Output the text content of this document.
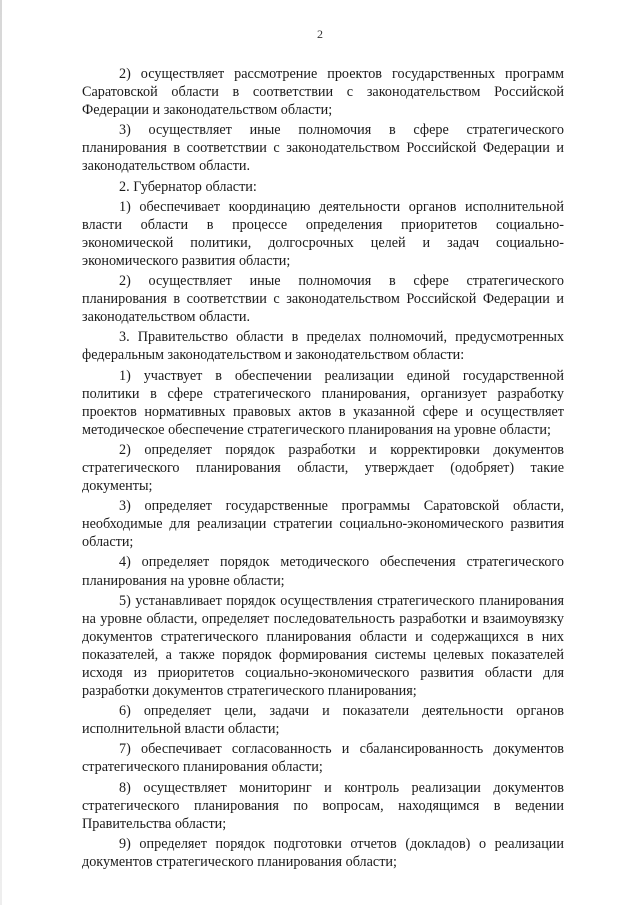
2

2) осуществляет рассмотрение проектов государственных программ Саратовской области в соответствии с законодательством Российской Федерации и законодательством области;

3) осуществляет иные полномочия в сфере стратегического планирования в соответствии с законодательством Российской Федерации и законодательством области.

2. Губернатор области:

1) обеспечивает координацию деятельности органов исполнительной власти области в процессе определения приоритетов социально-экономической политики, долгосрочных целей и задач социально-экономического развития области;

2) осуществляет иные полномочия в сфере стратегического планирования в соответствии с законодательством Российской Федерации и законодательством области.

3. Правительство области в пределах полномочий, предусмотренных федеральным законодательством и законодательством области:

1) участвует в обеспечении реализации единой государственной политики в сфере стратегического планирования, организует разработку проектов нормативных правовых актов в указанной сфере и осуществляет методическое обеспечение стратегического планирования на уровне области;

2) определяет порядок разработки и корректировки документов стратегического планирования области, утверждает (одобряет) такие документы;

3) определяет государственные программы Саратовской области, необходимые для реализации стратегии социально-экономического развития области;

4) определяет порядок методического обеспечения стратегического планирования на уровне области;

5) устанавливает порядок осуществления стратегического планирования на уровне области, определяет последовательность разработки и взаимоувязку документов стратегического планирования области и содержащихся в них показателей, а также порядок формирования системы целевых показателей исходя из приоритетов социально-экономического развития области для разработки документов стратегического планирования;

6) определяет цели, задачи и показатели деятельности органов исполнительной власти области;

7) обеспечивает согласованность и сбалансированность документов стратегического планирования области;

8) осуществляет мониторинг и контроль реализации документов стратегического планирования по вопросам, находящимся в ведении Правительства области;

9) определяет порядок подготовки отчетов (докладов) о реализации документов стратегического планирования области;
